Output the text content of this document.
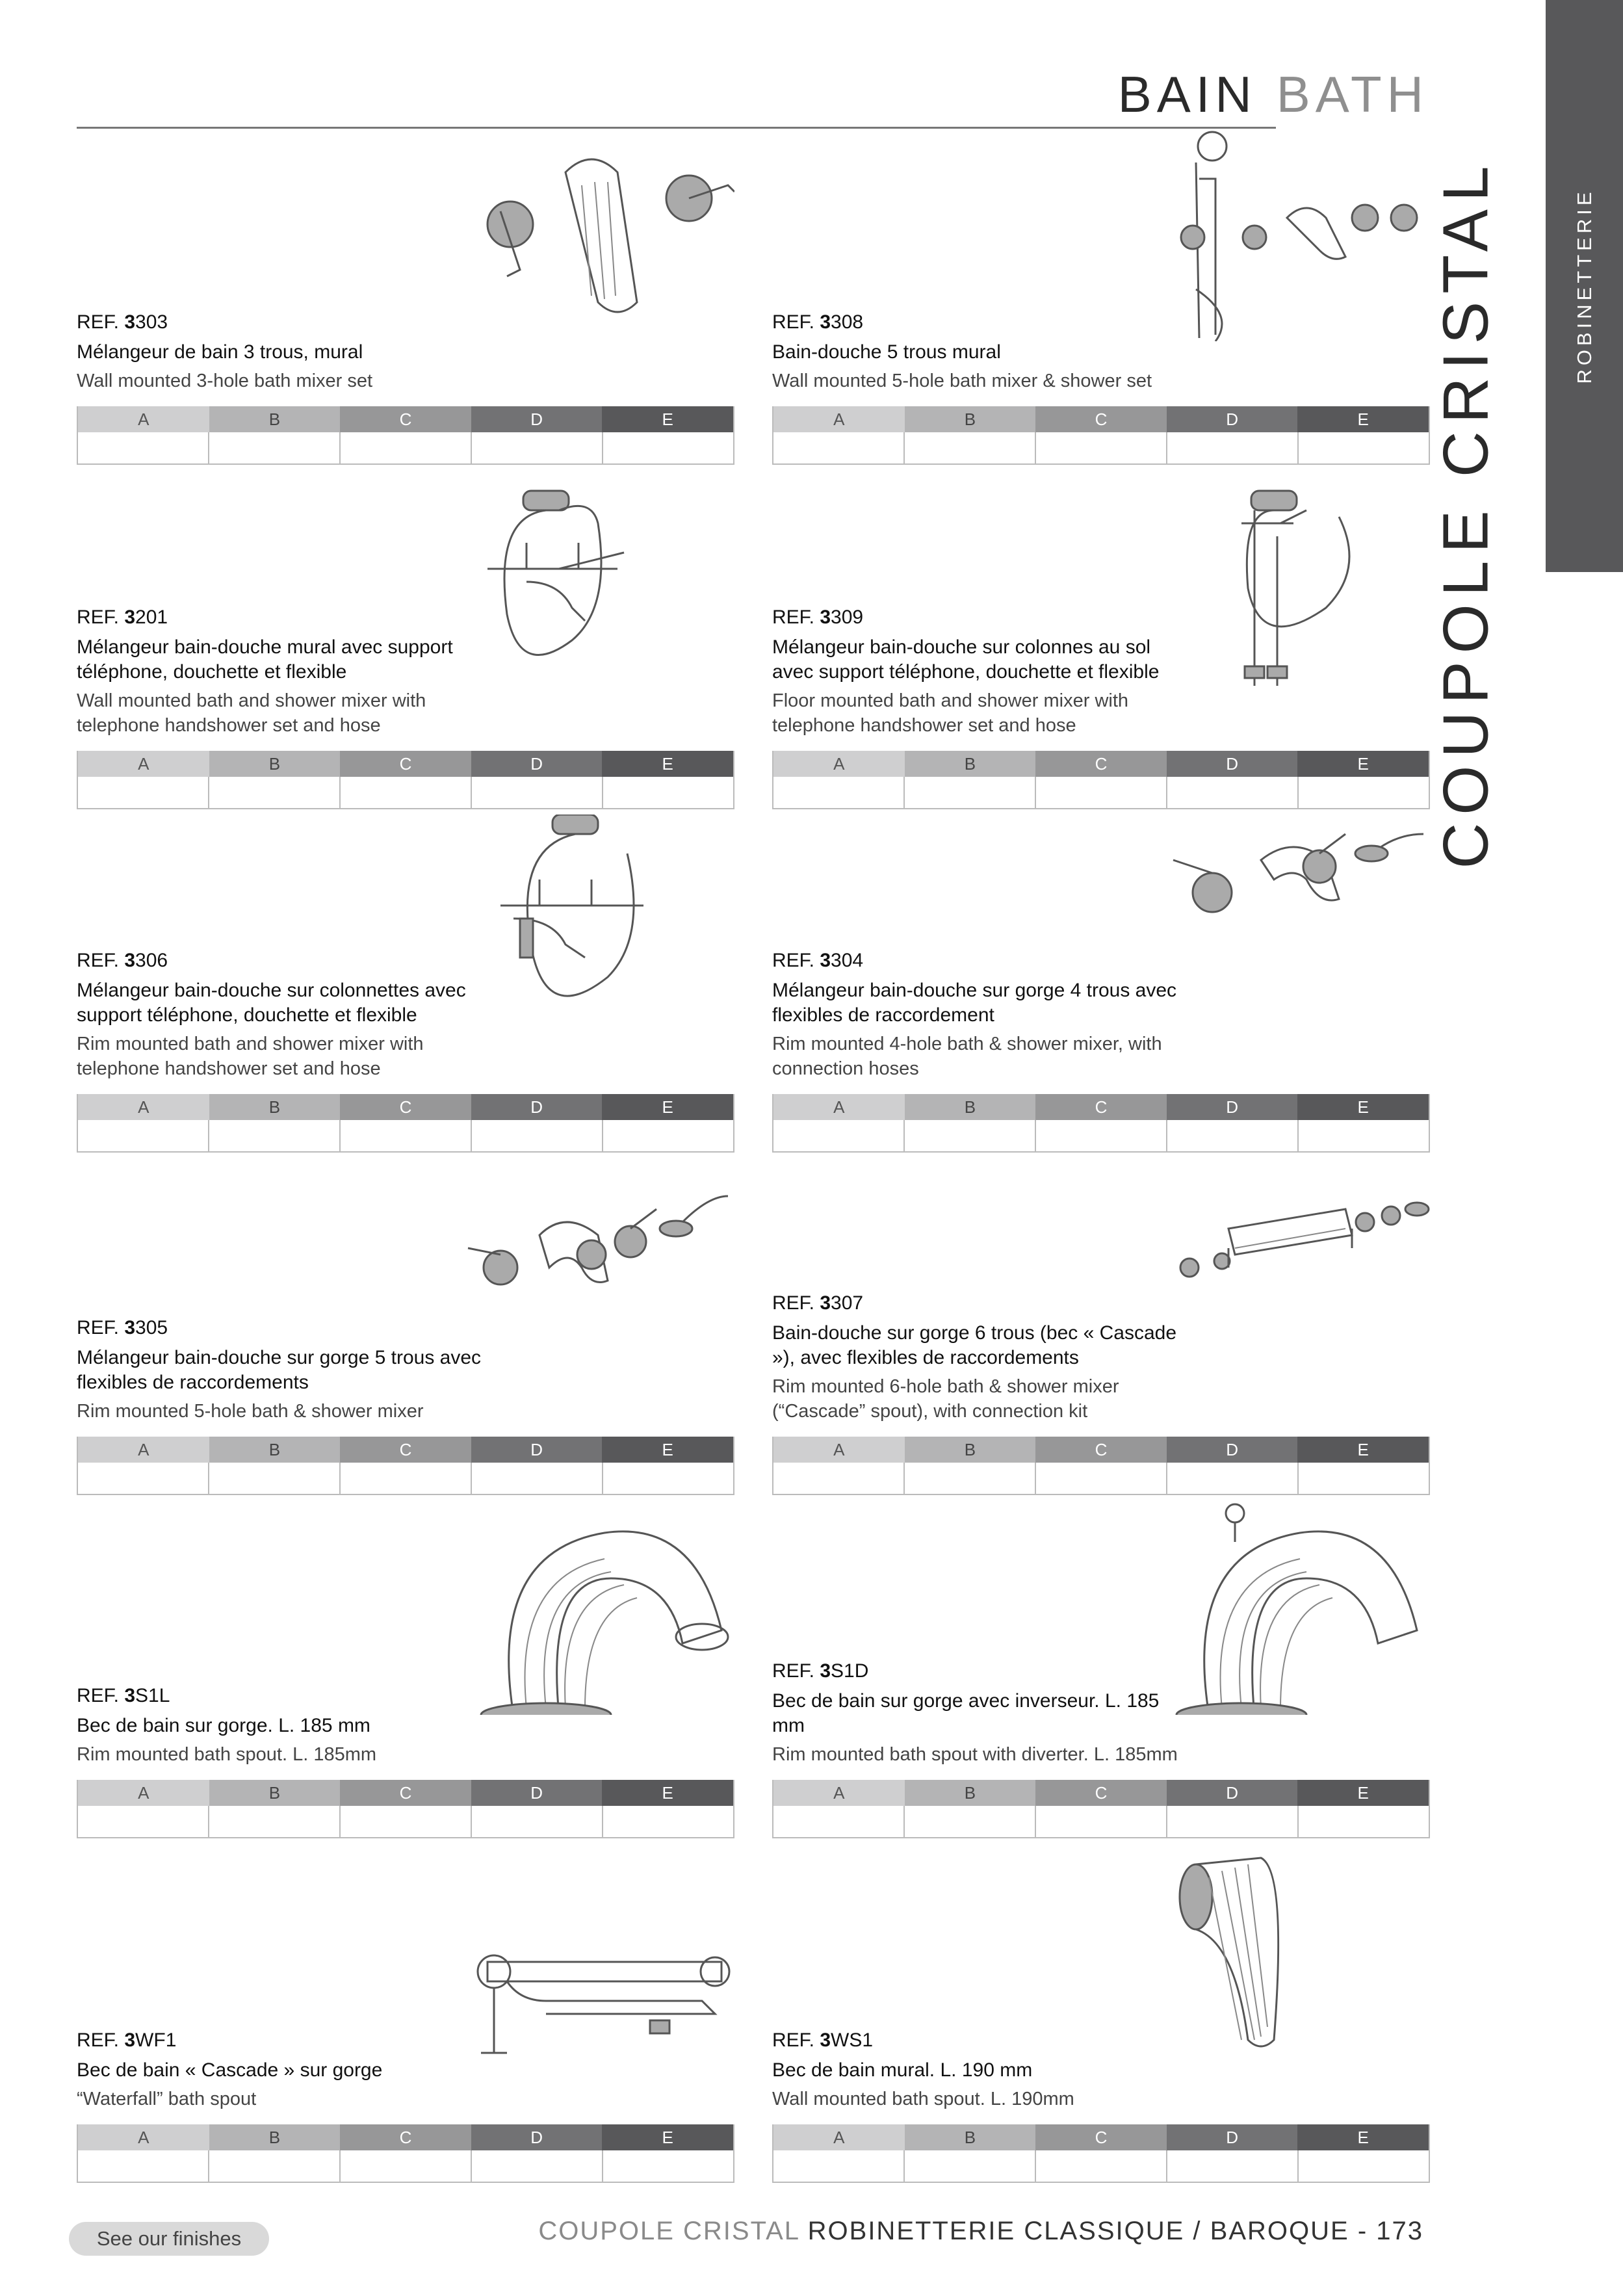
BAIN BATH
ROBINETTERIE
COUPOLE CRISTAL
REF. 3303
Mélangeur de bain 3 trous, mural
Wall mounted 3-hole bath mixer set
A	B	C	D	E
REF. 3308
Bain-douche 5 trous mural
Wall mounted 5-hole bath mixer & shower set
A	B	C	D	E
REF. 3201
Mélangeur bain-douche mural avec support téléphone, douchette et flexible
Wall mounted bath and shower mixer with telephone handshower set and hose
A	B	C	D	E
REF. 3309
Mélangeur bain-douche sur colonnes au sol avec support téléphone, douchette et flexible
Floor mounted bath and shower mixer with telephone handshower set and hose
A	B	C	D	E
REF. 3306
Mélangeur bain-douche sur colonnettes avec support téléphone, douchette et flexible
Rim mounted bath and shower mixer with telephone handshower set and hose
A	B	C	D	E
REF. 3304
Mélangeur bain-douche sur gorge 4 trous avec flexibles de raccordement
Rim mounted 4-hole bath & shower mixer, with connection hoses
A	B	C	D	E
REF. 3305
Mélangeur bain-douche sur gorge 5 trous avec flexibles de raccordements
Rim mounted 5-hole bath & shower mixer
A	B	C	D	E
REF. 3307
Bain-douche sur gorge 6 trous (bec « Cascade »), avec flexibles de raccordements
Rim mounted 6-hole bath & shower mixer (“Cascade” spout), with connection kit
A	B	C	D	E
REF. 3S1L
Bec de bain sur gorge. L. 185 mm
Rim mounted bath spout. L. 185mm
A	B	C	D	E
REF. 3S1D
Bec de bain sur gorge avec inverseur. L. 185 mm
Rim mounted bath spout with diverter. L. 185mm
A	B	C	D	E
REF. 3WF1
Bec de bain « Cascade » sur gorge
“Waterfall” bath spout
A	B	C	D	E
REF. 3WS1
Bec de bain mural. L. 190 mm
Wall mounted bath spout. L. 190mm
A	B	C	D	E
See our finishes	COUPOLE CRISTAL ROBINETTERIE CLASSIQUE / BAROQUE - 173
